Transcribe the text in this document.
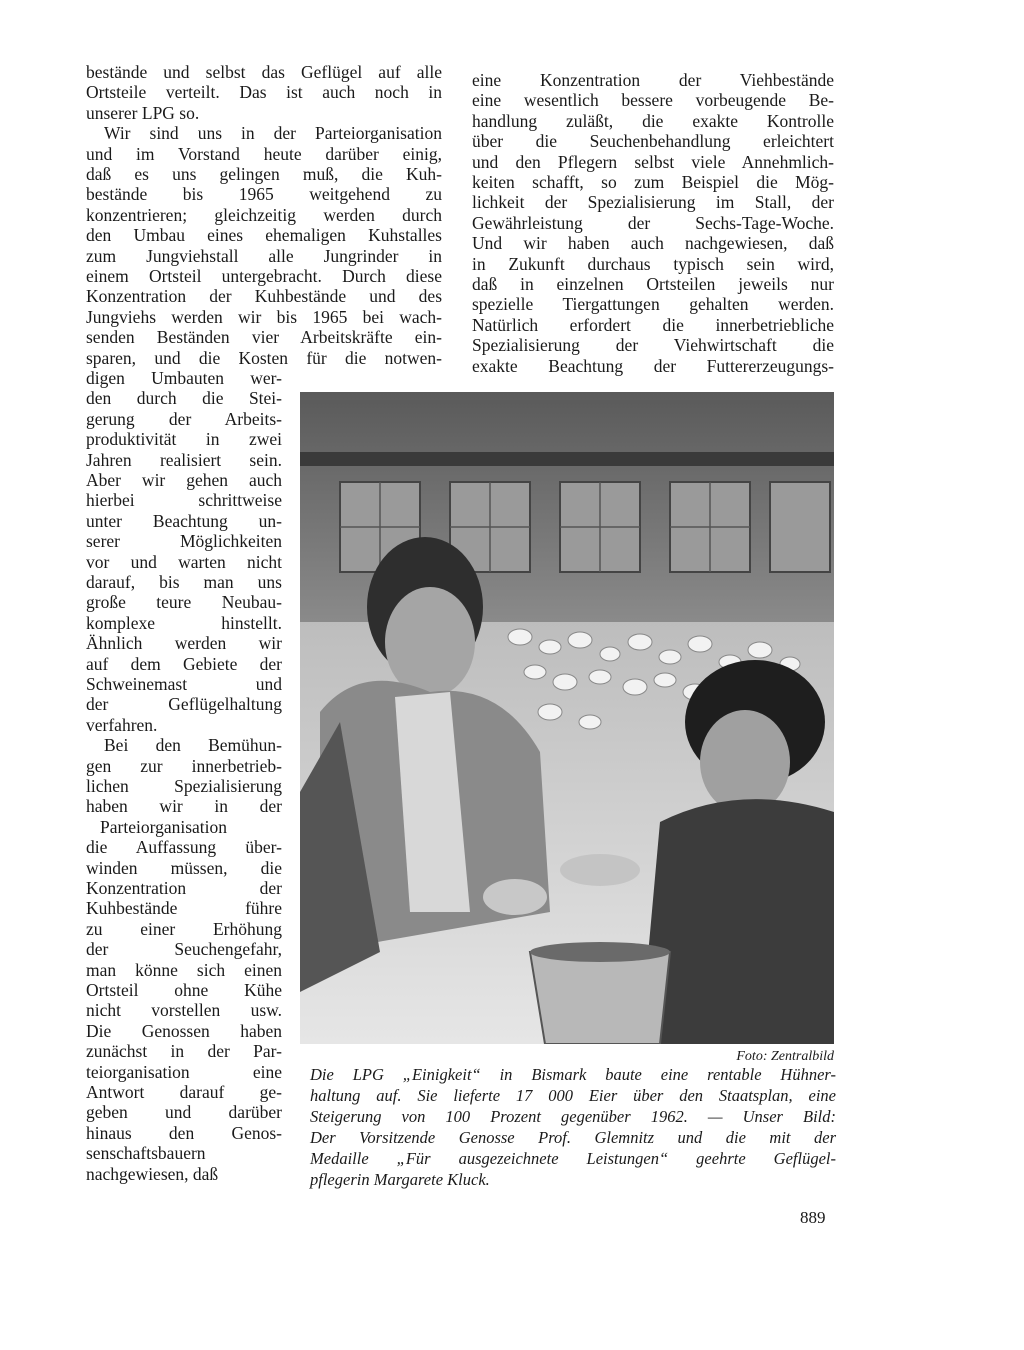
bestände und selbst das Geflügel auf alle
Ortsteile verteilt. Das ist auch noch in
unserer LPG so.
Wir sind uns in der Parteiorganisation
und im Vorstand heute darüber einig,
daß es uns gelingen muß, die Kuh-
bestände bis 1965 weitgehend zu
konzentrieren; gleichzeitig werden durch
den Umbau eines ehemaligen Kuhstalles
zum Jungviehstall alle Jungrinder in
einem Ortsteil untergebracht. Durch diese
Konzentration der Kuhbestände und des
Jungviehs werden wir bis 1965 bei wach-
senden Beständen vier Arbeitskräfte ein-
sparen, und die Kosten für die notwen-
digen Umbauten wer-
den durch die Stei-
gerung der Arbeits-
produktivität in zwei
Jahren realisiert sein.
Aber wir gehen auch
hierbei schrittweise
unter Beachtung un-
serer Möglichkeiten
vor und warten nicht
darauf, bis man uns
große teure Neubau-
komplexe hinstellt.
Ähnlich werden wir
auf dem Gebiete der
Schweinemast und
der Geflügelhaltung
verfahren.
Bei den Bemühun-
gen zur innerbetrieb-
lichen Spezialisierung
haben wir in der
Parteiorganisation
die Auffassung über-
winden müssen, die
Konzentration der
Kuhbestände führe
zu einer Erhöhung
der Seuchengefahr,
man könne sich einen
Ortsteil ohne Kühe
nicht vorstellen usw.
Die Genossen haben
zunächst in der Par-
teiorganisation eine
Antwort darauf ge-
geben und darüber
hinaus den Genos-
senschaftsbauern
nachgewiesen, daß
eine Konzentration der Viehbestände
eine wesentlich bessere vorbeugende Be-
handlung zuläßt, die exakte Kontrolle
über die Seuchenbehandlung erleichtert
und den Pflegern selbst viele Annehmlich-
keiten schafft, so zum Beispiel die Mög-
lichkeit der Spezialisierung im Stall, der
Gewährleistung der Sechs-Tage-Woche.
Und wir haben auch nachgewiesen, daß
in Zukunft durchaus typisch sein wird,
daß in einzelnen Ortsteilen jeweils nur
spezielle Tiergattungen gehalten werden.
Natürlich erfordert die innerbetriebliche
Spezialisierung der Viehwirtschaft die
exakte Beachtung der Futtererzeugungs-
Foto: Zentralbild
Die LPG „Einigkeit“ in Bismark baute eine rentable Hühner-
haltung auf. Sie lieferte 17 000 Eier über den Staatsplan, eine
Steigerung von 100 Prozent gegenüber 1962. — Unser Bild:
Der Vorsitzende Genosse Prof. Glemnitz und die mit der
Medaille „Für ausgezeichnete Leistungen“ geehrte Geflügel-
pflegerin Margarete Kluck.
889
